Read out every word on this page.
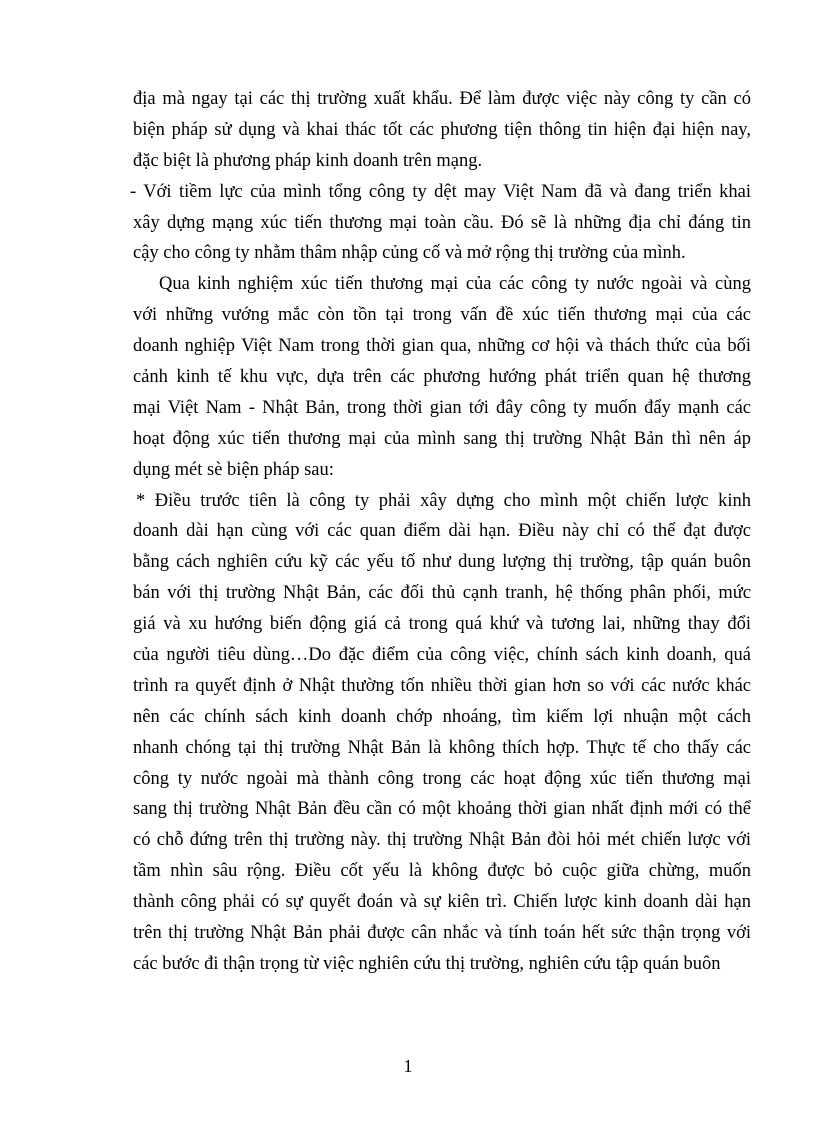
địa mà ngay tại các thị trường xuất khẩu. Để làm được việc này công ty cần có
biện pháp sử dụng và khai thác tốt các phương tiện thông tin hiện đại hiện nay,
đặc biệt là phương pháp kinh doanh trên mạng.
- Với tiềm lực của mình tổng công ty dệt may Việt Nam đã và đang triển khai
xây dựng mạng xúc tiến thương mại toàn cầu. Đó sẽ là những địa chỉ đáng tin
cậy cho công ty nhằm thâm nhập củng cố và mở rộng thị trường của mình.
Qua kinh nghiệm xúc tiến thương mại của các công ty nước ngoài và cùng
với những vướng mắc còn tồn tại trong vấn đề xúc tiến thương mại của các
doanh nghiệp Việt Nam trong thời gian qua, những cơ hội và thách thức của bối
cảnh kinh tế khu vực, dựa trên các phương hướng phát triển quan hệ thương
mại Việt Nam - Nhật Bản, trong thời gian tới đây công ty muốn đẩy mạnh các
hoạt động xúc tiến thương mại của mình sang thị trường Nhật Bản thì nên áp
dụng mét sè biện pháp sau:
* Điều trước tiên là công ty phải xây dựng cho mình một chiến lược kinh
doanh dài hạn cùng với các quan điểm dài hạn. Điều này chỉ có thể đạt được
bằng cách nghiên cứu kỹ các yếu tố như dung lượng thị trường, tập quán buôn
bán với thị trường Nhật Bản, các đối thủ cạnh tranh, hệ thống phân phối, mức
giá và xu hướng biến động giá cả trong quá khứ và tương lai, những thay đổi
của người tiêu dùng…Do đặc điểm của công việc, chính sách kinh doanh, quá
trình ra quyết định ở Nhật thường tốn nhiều thời gian hơn so với các nước khác
nên các chính sách kinh doanh chớp nhoáng, tìm kiếm lợi nhuận một cách
nhanh chóng tại thị trường Nhật Bản là không thích hợp. Thực tế cho thấy các
công ty nước ngoài mà thành công trong các hoạt động xúc tiến thương mại
sang thị trường Nhật Bản đều cần có một khoảng thời gian nhất định mới có thể
có chỗ đứng trên thị trường này. thị trường Nhật Bản đòi hỏi mét chiến lược với
tầm nhìn sâu rộng. Điều cốt yếu là không được bỏ cuộc giữa chừng, muốn
thành công phải có sự quyết đoán và sự kiên trì. Chiến lược kinh doanh dài hạn
trên thị trường Nhật Bản phải được cân nhắc và tính toán hết sức thận trọng với
các bước đi thận trọng từ việc nghiên cứu thị trường, nghiên cứu tập quán buôn
1
